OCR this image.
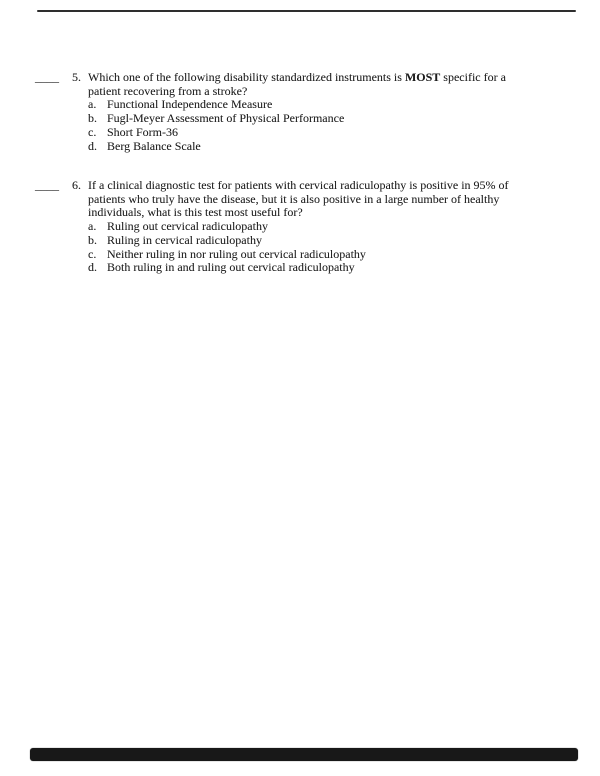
____ 5. Which one of the following disability standardized instruments is MOST specific for a
patient recovering from a stroke?
a. Functional Independence Measure
b. Fugl-Meyer Assessment of Physical Performance
c. Short Form-36
d. Berg Balance Scale
____ 6. If a clinical diagnostic test for patients with cervical radiculopathy is positive in 95% of
patients who truly have the disease, but it is also positive in a large number of healthy
individuals, what is this test most useful for?
a. Ruling out cervical radiculopathy
b. Ruling in cervical radiculopathy
c. Neither ruling in nor ruling out cervical radiculopathy
d. Both ruling in and ruling out cervical radiculopathy
